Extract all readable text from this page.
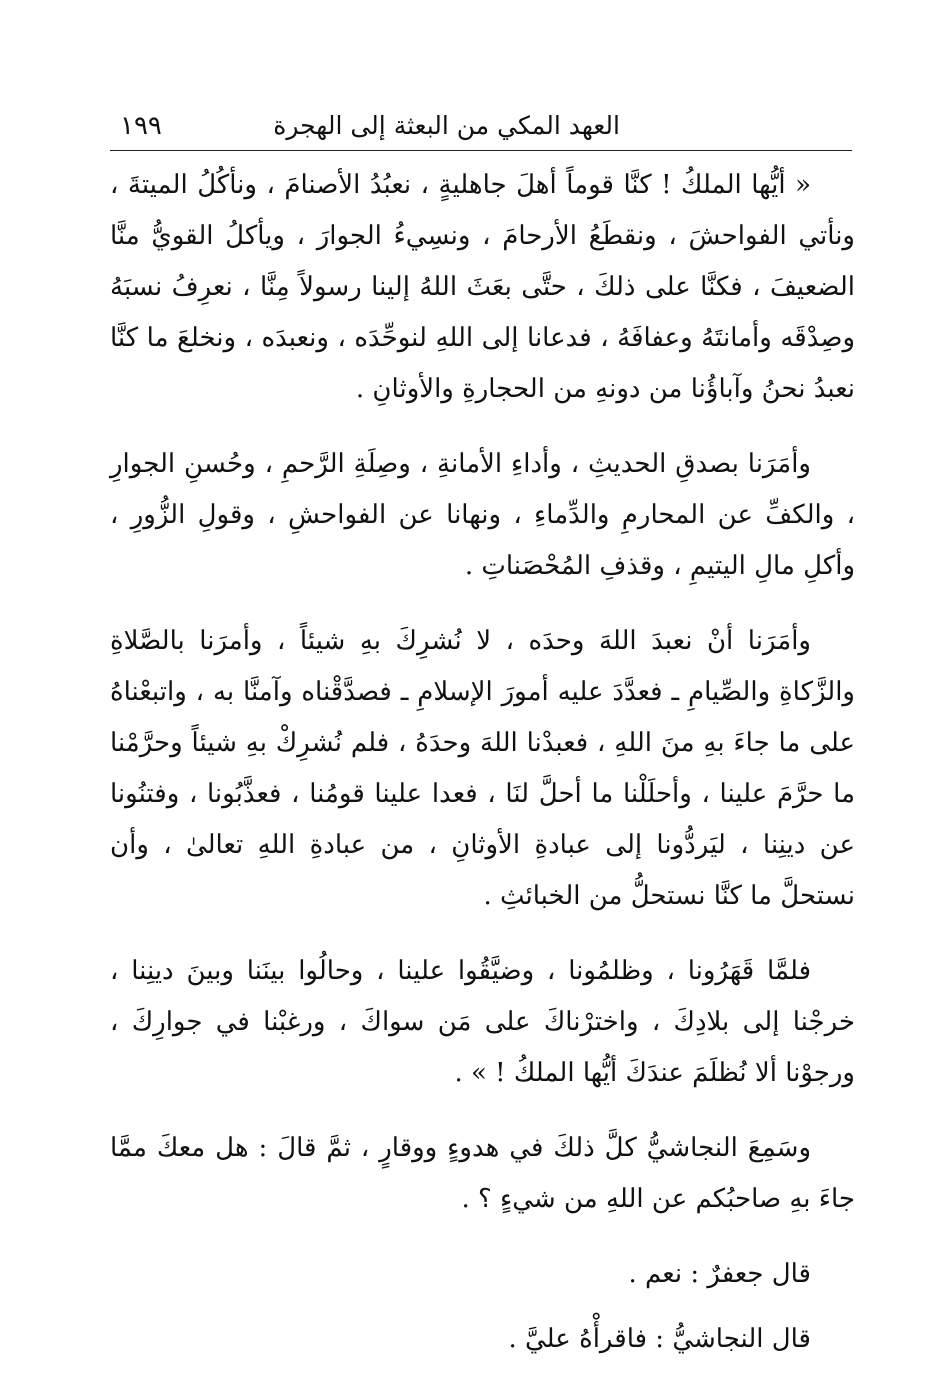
العهد المكي من البعثة إلى الهجرة
١٩٩

« أيُّها الملكُ ! كنَّا قوماً أهلَ جاهليةٍ ، نعبُدُ الأصنامَ ، ونأكُلُ الميتةَ ، ونأتي الفواحشَ ، ونقطَعُ الأرحامَ ، ونسِيءُ الجوارَ ، ويأكلُ القويُّ منَّا الضعيفَ ، فكنَّا على ذلكَ ، حتَّى بعَثَ اللهُ إلينا رسولاً مِنَّا ، نعرِفُ نسبَهُ وصِدْقَه وأمانتَهُ وعفافَهُ ، فدعانا إلى اللهِ لنوحِّدَه ، ونعبدَه ، ونخلعَ ما كنَّا نعبدُ نحنُ وآباؤُنا من دونهِ من الحجارةِ والأوثانِ .

وأمَرَنا بصدقِ الحديثِ ، وأداءِ الأمانةِ ، وصِلَةِ الرَّحمِ ، وحُسنِ الجوارِ ، والكفِّ عن المحارمِ والدِّماءِ ، ونهانا عن الفواحشِ ، وقولِ الزُّورِ ، وأكلِ مالِ اليتيمِ ، وقذفِ المُحْصَناتِ .

وأمَرَنا أنْ نعبدَ اللهَ وحدَه ، لا نُشرِكَ بهِ شيئاً ، وأمرَنا بالصَّلاةِ والزَّكاةِ والصِّيامِ ـ فعدَّدَ عليه أمورَ الإسلامِ ـ فصدَّقْناه وآمنَّا به ، واتبعْناهُ على ما جاءَ بهِ منَ اللهِ ، فعبدْنا اللهَ وحدَهُ ، فلم نُشرِكْ بهِ شيئاً وحرَّمْنا ما حرَّمَ علينا ، وأحلَلْنا ما أحلَّ لنَا ، فعدا علينا قومُنا ، فعذَّبُونا ، وفتنُونا عن دينِنا ، ليَردُّونا إلى عبادةِ الأوثانِ ، من عبادةِ اللهِ تعالىٰ ، وأن نستحلَّ ما كنَّا نستحلُّ من الخبائثِ .

فلمَّا قَهَرُونا ، وظلمُونا ، وضيَّقُوا علينا ، وحالُوا بينَنا وبينَ دينِنا ، خرجْنا إلى بلادِكَ ، واخترْناكَ على مَن سواكَ ، ورغبْنا في جوارِكَ ، ورجوْنا ألا نُظلَمَ عندَكَ أيُّها الملكُ ! » .

وسَمِعَ النجاشيُّ كلَّ ذلكَ في هدوءٍ ووقارٍ ، ثمَّ قالَ : هل معكَ ممَّا جاءَ بهِ صاحبُكم عن اللهِ من شيءٍ ؟ .

قال جعفرٌ : نعم .

قال النجاشيُّ : فاقرأْهُ عليَّ .
